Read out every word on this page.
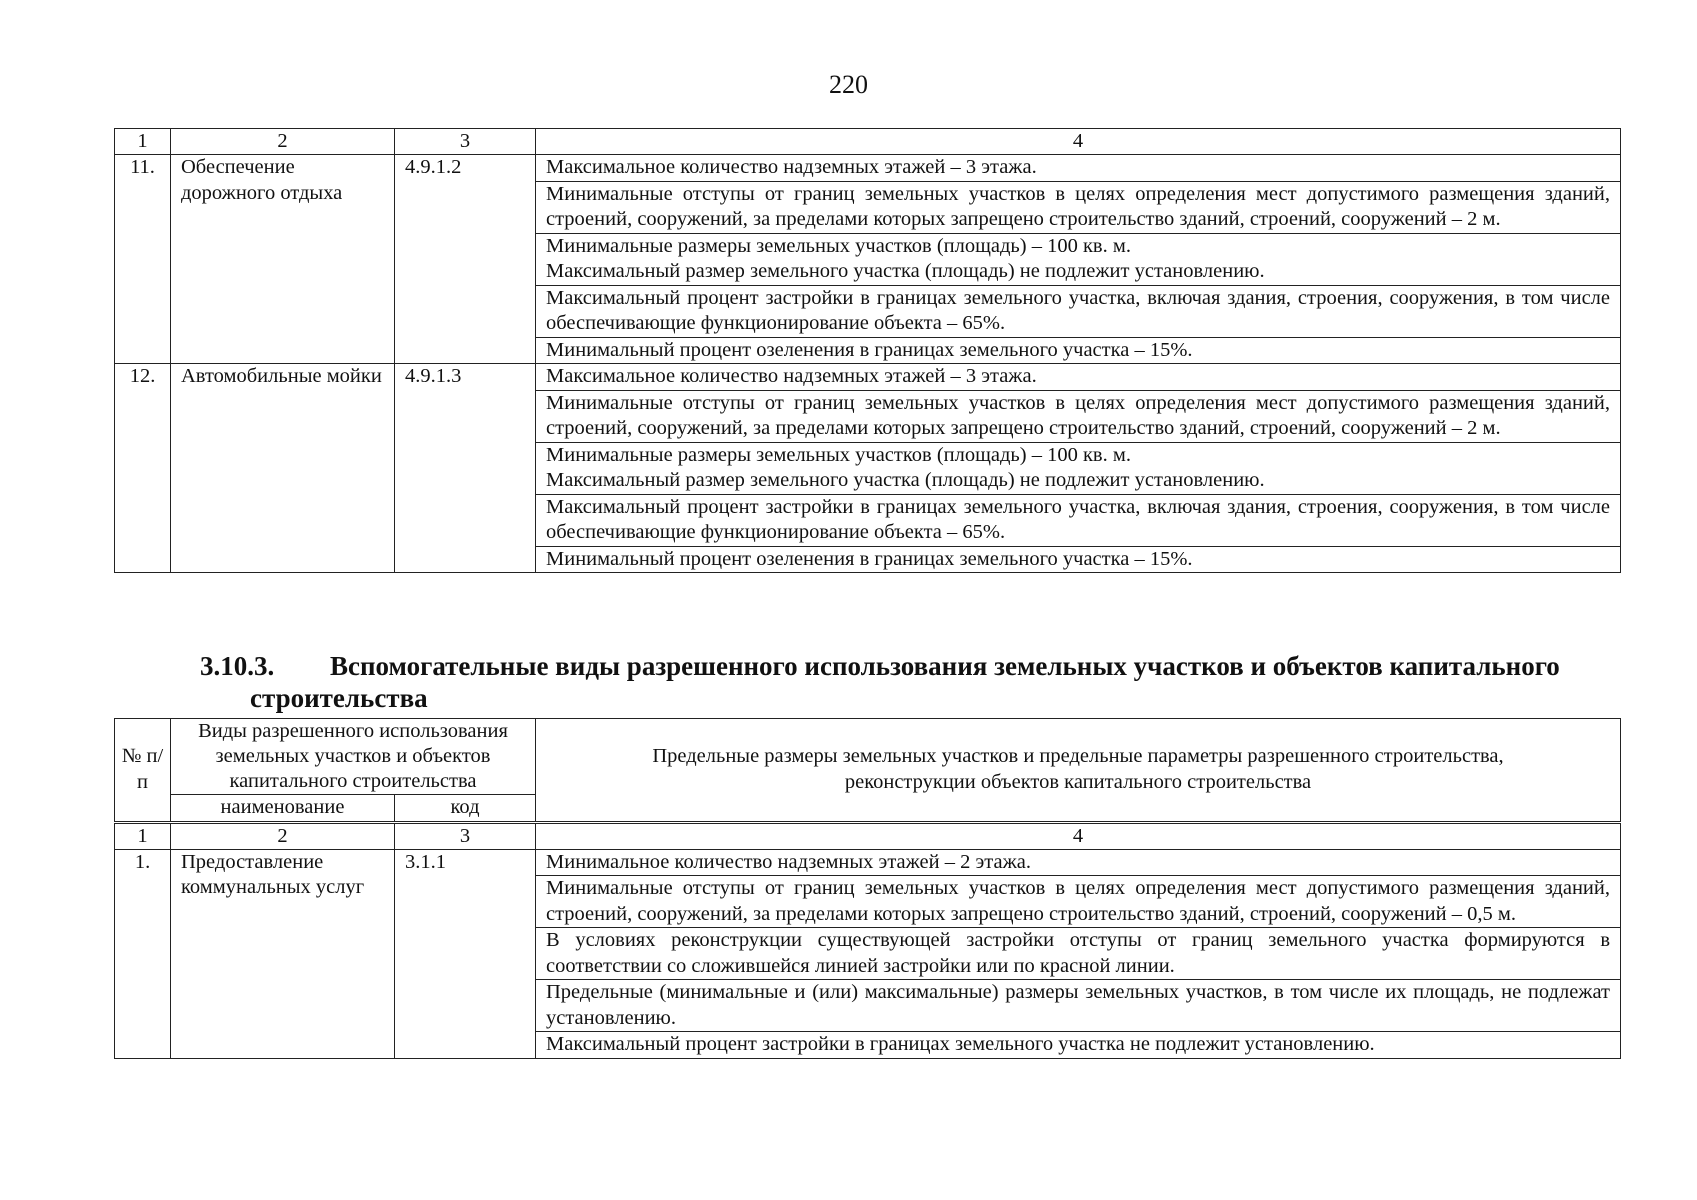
220
1	2	3	4
11.	Обеспечение дорожного отдыха	4.9.1.2	Максимальное количество надземных этажей – 3 этажа.
			Минимальные отступы от границ земельных участков в целях определения мест допустимого размещения зданий, строений, сооружений, за пределами которых запрещено строительство зданий, строений, сооружений – 2 м.

			Минимальные размеры земельных участков (площадь) – 100 кв. м.
Максимальный размер земельного участка (площадь) не подлежит установлению.

			Максимальный процент застройки в границах земельного участка, включая здания, строения, сооружения, в том числе обеспечивающие функционирование объекта – 65%.
			Минимальный процент озеленения в границах земельного участка – 15%.
12.	Автомобильные мойки	4.9.1.3	Максимальное количество надземных этажей – 3 этажа.
			Минимальные отступы от границ земельных участков в целях определения мест допустимого размещения зданий, строений, сооружений, за пределами которых запрещено строительство зданий, строений, сооружений – 2 м.

			Минимальные размеры земельных участков (площадь) – 100 кв. м.
Максимальный размер земельного участка (площадь) не подлежит установлению.

			Максимальный процент застройки в границах земельного участка, включая здания, строения, сооружения, в том числе обеспечивающие функционирование объекта – 65%.
			Минимальный процент озеленения в границах земельного участка – 15%.
3.10.3. Вспомогательные виды разрешенного использования земельных участков и объектов капитального
строительства
№ п/п	Виды разрешенного использования земельных участков и объектов капитального строительства		Предельные размеры земельных участков и предельные параметры разрешенного строительства, реконструкции объектов капитального строительства
	наименование	код	
1	2	3	4
1.	Предоставление коммунальных услуг	3.1.1	Минимальное количество надземных этажей – 2 этажа.
			Минимальные отступы от границ земельных участков в целях определения мест допустимого размещения зданий, строений, сооружений, за пределами которых запрещено строительство зданий, строений, сооружений – 0,5 м.
			В условиях реконструкции существующей застройки отступы от границ земельного участка формируются в соответствии со сложившейся линией застройки или по красной линии.
			Предельные (минимальные и (или) максимальные) размеры земельных участков, в том числе их площадь, не подлежат установлению.
			Максимальный процент застройки в границах земельного участка не подлежит установлению.
